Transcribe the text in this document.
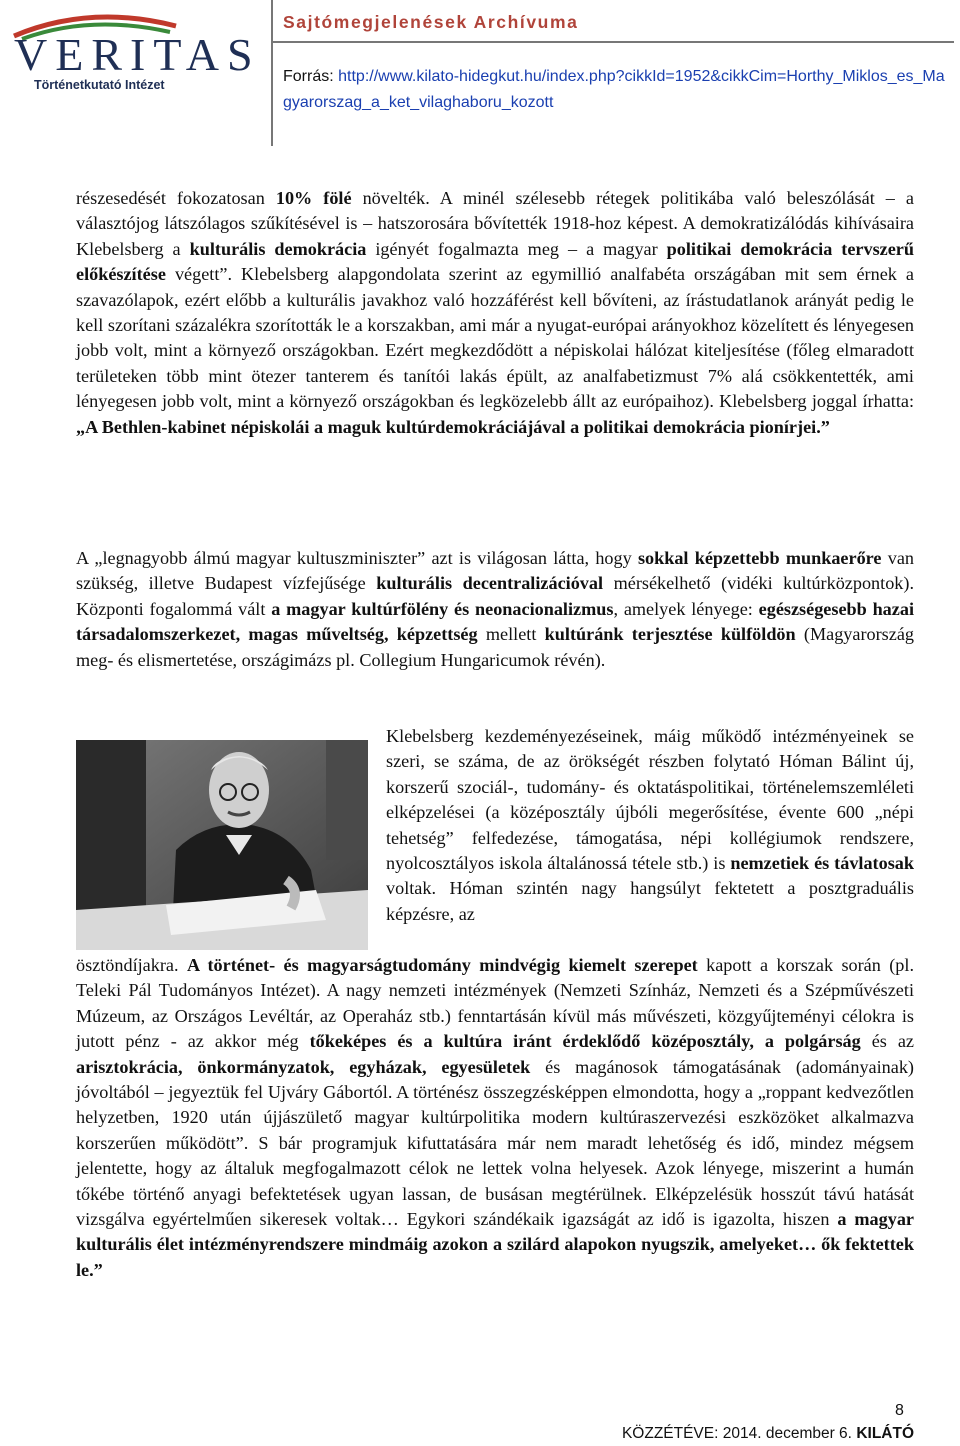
VERITAS
Történetkutató Intézet
Sajtómegjelenések Archívuma
Forrás: http://www.kilato-hidegkut.hu/index.php?cikkId=1952&cikkCim=Horthy_Miklos_es_Magyarorszag_a_ket_vilaghaboru_kozott

részesedését fokozatosan 10% fölé növelték. A minél szélesebb rétegek politikába való beleszólását – a választójog látszólagos szűkítésével is – hatszorosára bővítették 1918-hoz képest. A demokratizálódás kihívásaira Klebelsberg a kulturális demokrácia igényét fogalmazta meg – a magyar politikai demokrácia tervszerű előkészítése végett”. Klebelsberg alapgondolata szerint az egymillió analfabéta országában mit sem érnek a szavazólapok, ezért előbb a kulturális javakhoz való hozzáférést kell bővíteni, az írástudatlanok arányát pedig le kell szorítani százalékra szorították le a korszakban, ami már a nyugat-európai arányokhoz közelített és lényegesen jobb volt, mint a környező országokban. Ezért megkezdődött a népiskolai hálózat kiteljesítése (főleg elmaradott területeken több mint ötezer tanterem és tanítói lakás épült, az analfabetizmust 7% alá csökkentették, ami lényegesen jobb volt, mint a környező országokban és legközelebb állt az európaihoz). Klebelsberg joggal írhatta: „A Bethlen-kabinet népiskolái a maguk kultúrdemokráciájával a politikai demokrácia pionírjei.”

A „legnagyobb álmú magyar kultuszminiszter” azt is világosan látta, hogy sokkal képzettebb munkaerőre van szükség, illetve Budapest vízfejűsége kulturális decentralizációval mérsékelhető (vidéki kultúrközpontok). Központi fogalommá vált a magyar kultúrfölény és neonacionalizmus, amelyek lényege: egészségesebb hazai társadalomszerkezet, magas műveltség, képzettség mellett kultúránk terjesztése külföldön (Magyarország meg- és elismertetése, országimázs pl. Collegium Hungaricumok révén).

Klebelsberg kezdeményezéseinek, máig működő intézményeinek se szeri, se száma, de az örökségét részben folytató Hóman Bálint új, korszerű szociál-, tudomány- és oktatáspolitikai, történelemszemléleti elképzelései (a középosztály újbóli megerősítése, évente 600 „népi tehetség” felfedezése, támogatása, népi kollégiumok rendszere, nyolcosztályos iskola általánossá tétele stb.) is nemzetiek és távlatosak voltak. Hóman szintén nagy hangsúlyt fektetett a posztgraduális képzésre, az

ösztöndíjakra. A történet- és magyarságtudomány mindvégig kiemelt szerepet kapott a korszak során (pl. Teleki Pál Tudományos Intézet). A nagy nemzeti intézmények (Nemzeti Színház, Nemzeti és a Szépművészeti Múzeum, az Országos Levéltár, az Operaház stb.) fenntartásán kívül más művészeti, közgyűjteményi célokra is jutott pénz - az akkor még tőkeképes és a kultúra iránt érdeklődő középosztály, a polgárság és az arisztokrácia, önkormányzatok, egyházak, egyesületek és magánosok támogatásának (adományainak) jóvoltából – jegyeztük fel Ujváry Gábortól. A történész összegzésképpen elmondotta, hogy a „roppant kedvezőtlen helyzetben, 1920 után újjászülető magyar kultúrpolitika modern kultúraszervezési eszközöket alkalmazva korszerűen működött”. S bár programjuk kifuttatására már nem maradt lehetőség és idő, mindez mégsem jelentette, hogy az általuk megfogalmazott célok ne lettek volna helyesek. Azok lényege, miszerint a humán tőkébe történő anyagi befektetések ugyan lassan, de busásan megtérülnek. Elképzelésük hosszút távú hatását vizsgálva egyértelműen sikeresek voltak… Egykori szándékaik igazságát az idő is igazolta, hiszen a magyar kulturális élet intézményrendszere mindmáig azokon a szilárd alapokon nyugszik, amelyeket… ők fektettek le.”

8
KÖZZÉTÉVE: 2014. december 6. KILÁTÓ
